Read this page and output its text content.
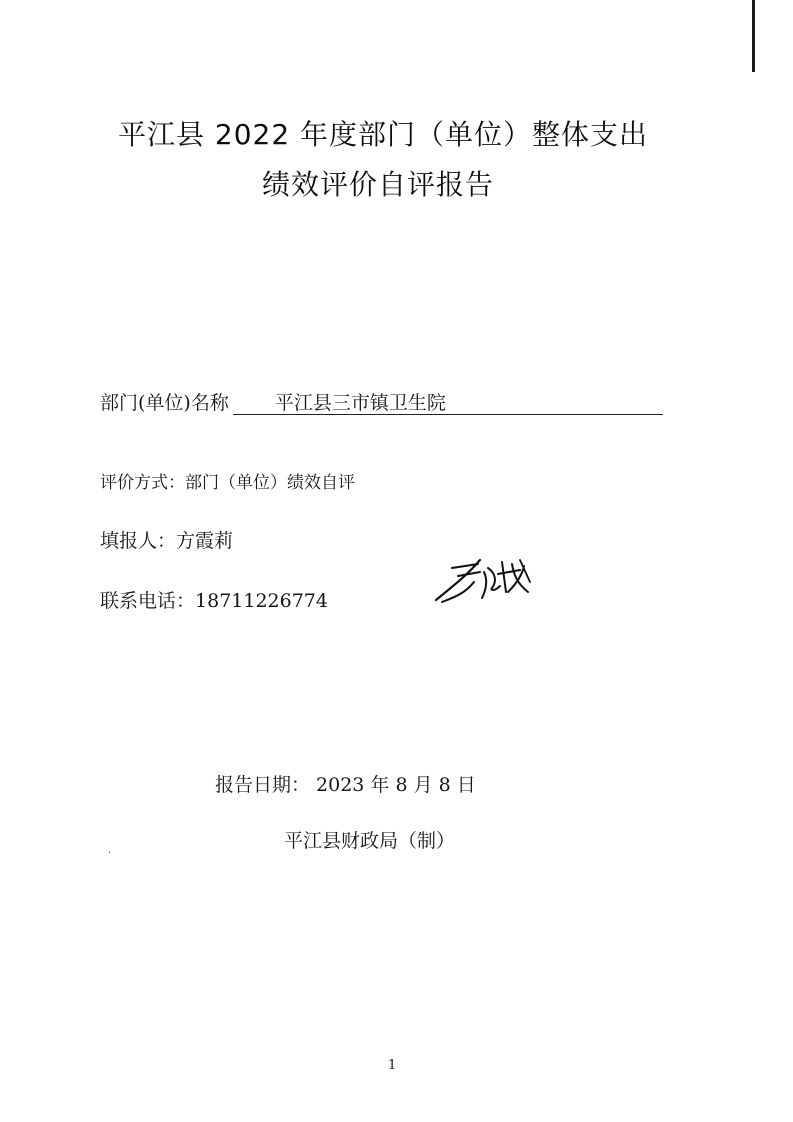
平江县 2022 年度部门（单位）整体支出
绩效评价自评报告
部门(单位)名称	平江县三市镇卫生院
评价方式：部门（单位）绩效自评
填报人：方霞莉
联系电话：18711226774
报告日期： 2023 年 8 月 8 日
平江县财政局（制）
·
1
